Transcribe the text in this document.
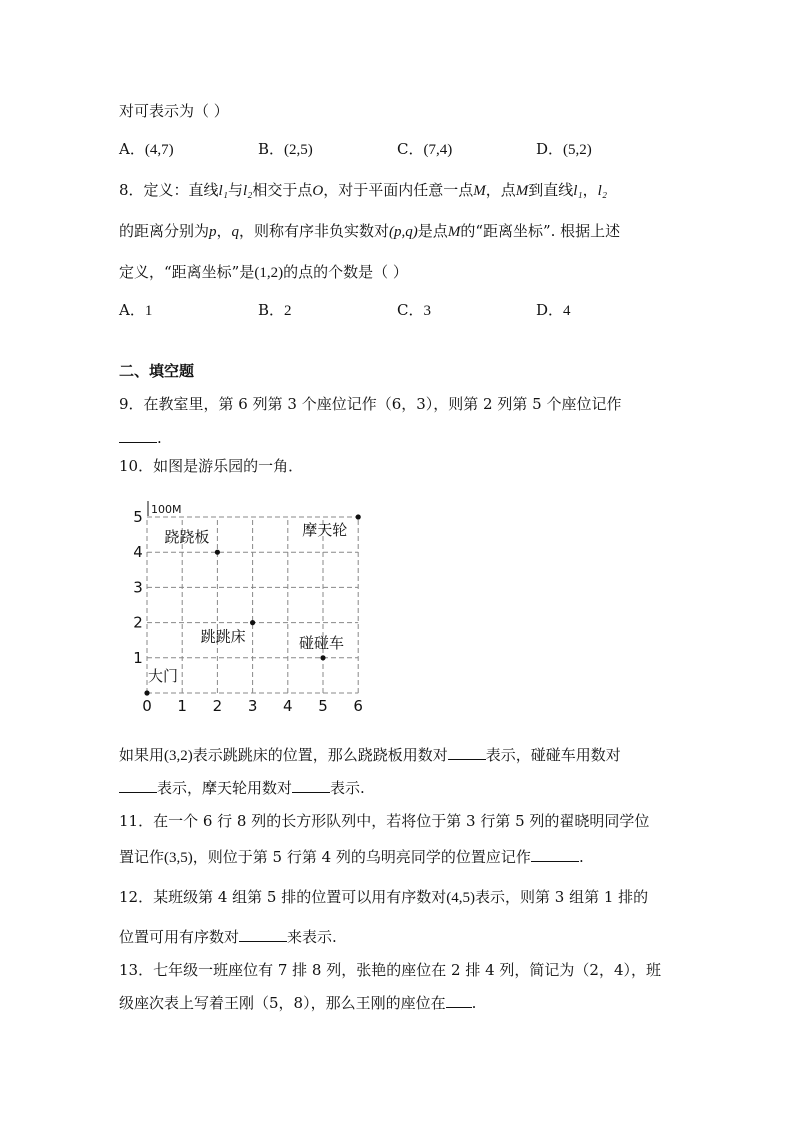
对可表示为（ ）
A．(4,7)	B．(2,5)	C．(7,4)	D．(5,2)
8．定义：直线l₁与l₂相交于点O，对于平面内任意一点M，点M到直线l₁，l₂
的距离分别为p，q，则称有序非负实数对(p,q)是点M的“距离坐标”. 根据上述
定义，“距离坐标”是(1,2)的点的个数是（ ）
A．1	B．2	C．3	D．4
二、填空题
9．在教室里，第 6 列第 3 个座位记作（6，3），则第 2 列第 5 个座位记作
.
10．如图是游乐园的一角．
100M
0 1 2 3 4 5 6
1
2
3
4
5
大门
跷跷板
跳跳床	碰碰车
摩天轮
如果用(3,2)表示跳跳床的位置，那么跷跷板用数对	表示，碰碰车用数对
表示，摩天轮用数对	表示.
11．在一个 6 行 8 列的长方形队列中，若将位于第 3 行第 5 列的翟晓明同学位
置记作(3,5)，则位于第 5 行第 4 列的乌明亮同学的位置应记作	.
12．某班级第 4 组第 5 排的位置可以用有序数对(4,5)表示，则第 3 组第 1 排的
位置可用有序数对	来表示.
13．七年级一班座位有 7 排 8 列，张艳的座位在 2 排 4 列，简记为（2，4），班
级座次表上写着王刚（5，8），那么王刚的座位在 .
